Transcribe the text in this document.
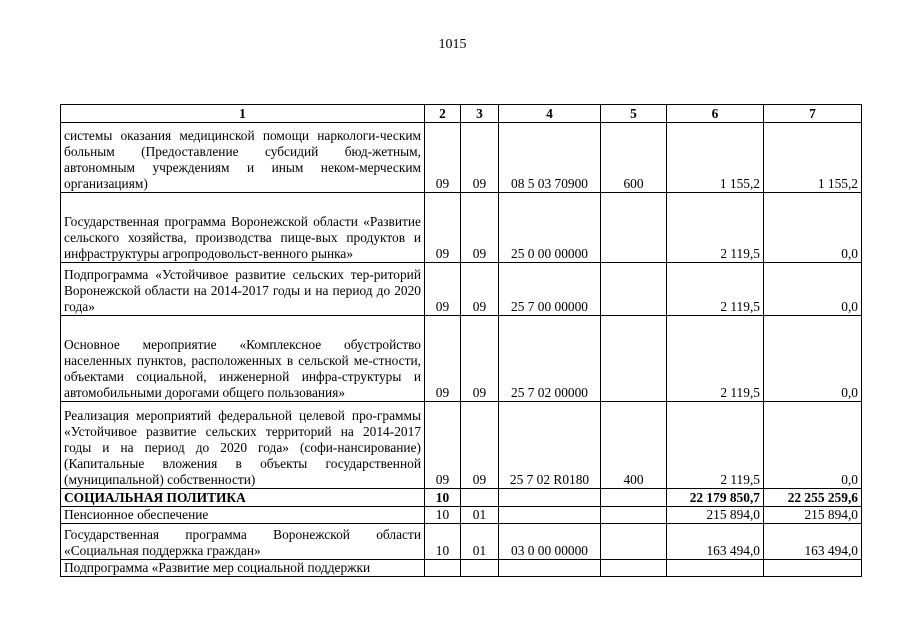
1015
1	2	3	4	5	6	7

системы оказания медицинской помощи наркологи-ческим больным (Предоставление субсидий бюд-жетным, автономным учреждениям и иным неком-мерческим организациям)	09	09	08 5 03 70900	600	1 155,2	1 155,2

Государственная программа Воронежской области «Развитие сельского хозяйства, производства пище-вых продуктов и инфраструктуры агропродовольст-венного рынка»	09	09	25 0 00 00000		2 119,5	0,0

Подпрограмма «Устойчивое развитие сельских тер-риторий Воронежской области на 2014-2017 годы и на период до 2020 года»	09	09	25 7 00 00000		2 119,5	0,0

Основное мероприятие «Комплексное обустройство населенных пунктов, расположенных в сельской ме-стности, объектами социальной, инженерной инфра-структуры и автомобильными дорогами общего пользования»	09	09	25 7 02 00000		2 119,5	0,0

Реализация мероприятий федеральной целевой про-граммы «Устойчивое развитие сельских территорий на 2014-2017 годы и на период до 2020 года» (софи-нансирование) (Капитальные вложения в объекты государственной (муниципальной) собственности)	09	09	25 7 02 R0180	400	2 119,5	0,0
СОЦИАЛЬНАЯ ПОЛИТИКА	10				22 179 850,7	22 255 259,6
Пенсионное обеспечение	10	01			215 894,0	215 894,0

Государственная программа Воронежской области «Социальная поддержка граждан»	10	01	03 0 00 00000		163 494,0	163 494,0
Подпрограмма «Развитие мер социальной поддержки						
